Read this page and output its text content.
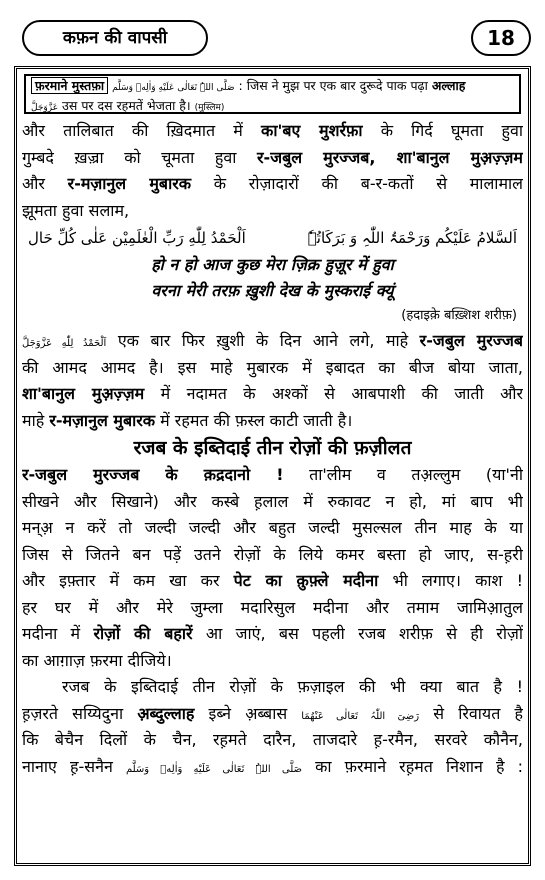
कफ़न की वापसी	18
फ़रमाने मुस्तफ़ा صَلَّی اللہُ تَعَالٰی عَلَیْهِ وَاٰلِهٖ وَسَلَّم : जिस ने मुझ पर एक बार दुरूदे पाक पढ़ा अल्लाह
عَزَّوَجَلَّ उस पर दस रहमतें भेजता है। (मुस्लिम)
और तालिबात की ख़िदमात में का'बए मुशर्रफ़ा के गिर्द घूमता हुवा
गुम्बदे ख़ज़्रा को चूमता हुवा र-जबुल मुरज्जब, शा'बानुल मुअ़ज़्ज़म
और र-मज़ानुल मुबारक के रोज़ादारों की ब-र-कतों से मालामाल
झूमता हुवा सलाम,
اَلسَّلامُ عَلَیْکُم وَرَحْمَۃُ اللّٰہِ وَ بَرَکَاتُہٗ
اَلْحَمْدُ لِلّٰهِ رَبِّ الْعٰلَمِیْن عَلٰی کُلِّ حَال
हो न हो आज कुछ मेरा ज़िक्र हुज़ूर में हुवा
वरना मेरी तरफ़ ख़ुशी देख के मुस्कराई क्यूं
(हदाइके़ बख़्शिश शरीफ़)
اَلْحَمْدُ لِلّٰهِ عَزَّوَجَلَّ एक बार फिर ख़ुशी के दिन आने लगे, माहे र-जबुल मुरज्जब
की आमद आमद है। इस माहे मुबारक में इबादत का बीज बोया जाता,
शा'बानुल मुअ़ज़्ज़म में नदामत के अश्कों से आबपाशी की जाती और
माहे र-मज़ानुल मुबारक में रहमत की फ़स्ल काटी जाती है।
रजब के इब्तिदाई तीन रोज़ों की फ़ज़ीलत
र-जबुल मुरज्जब के क़द्रदानो ! ता'लीम व तअ़ल्लुम (या'नी
सीखने और सिखाने) और कस्बे ह़लाल में रुकावट न हो, मां बाप भी
मन्अ़ न करें तो जल्दी जल्दी और बहुत जल्दी मुसल्सल तीन माह के या
जिस से जितने बन पड़ें उतने रोज़ों के लिये कमर बस्ता हो जाए, स-ह़री
और इफ़्तार में कम खा कर पेट का क़ुफ़्ले मदीना भी लगाए। काश !
हर घर में और मेरे जुम्ला मदारिसुल मदीना और तमाम जामिआ़तुल
मदीना में रोज़ों की बहारें आ जाएं, बस पहली रजब शरीफ़ से ही रोज़ों
का आग़ाज़ फ़रमा दीजिये।
रजब के इब्तिदाई तीन रोज़ों के फ़ज़ाइल की भी क्या बात है !
ह़ज़रते सय्यिदुना अ़ब्दुल्लाह इब्ने अ़ब्बास رَضِیَ اللّٰہُ تَعَالٰی عَنْھُمَا से रिवायत है
कि बेचैन दिलों के चैन, रह़मते दारैन, ताजदारे ह़-रमैन, सरवरे कौनैन,
नानाए ह़-सनैन صَلَّی اللہُ تَعَالٰی عَلَیْهِ وَاٰلِهٖ وَسَلَّم का फ़रमाने रह़मत निशान है :
